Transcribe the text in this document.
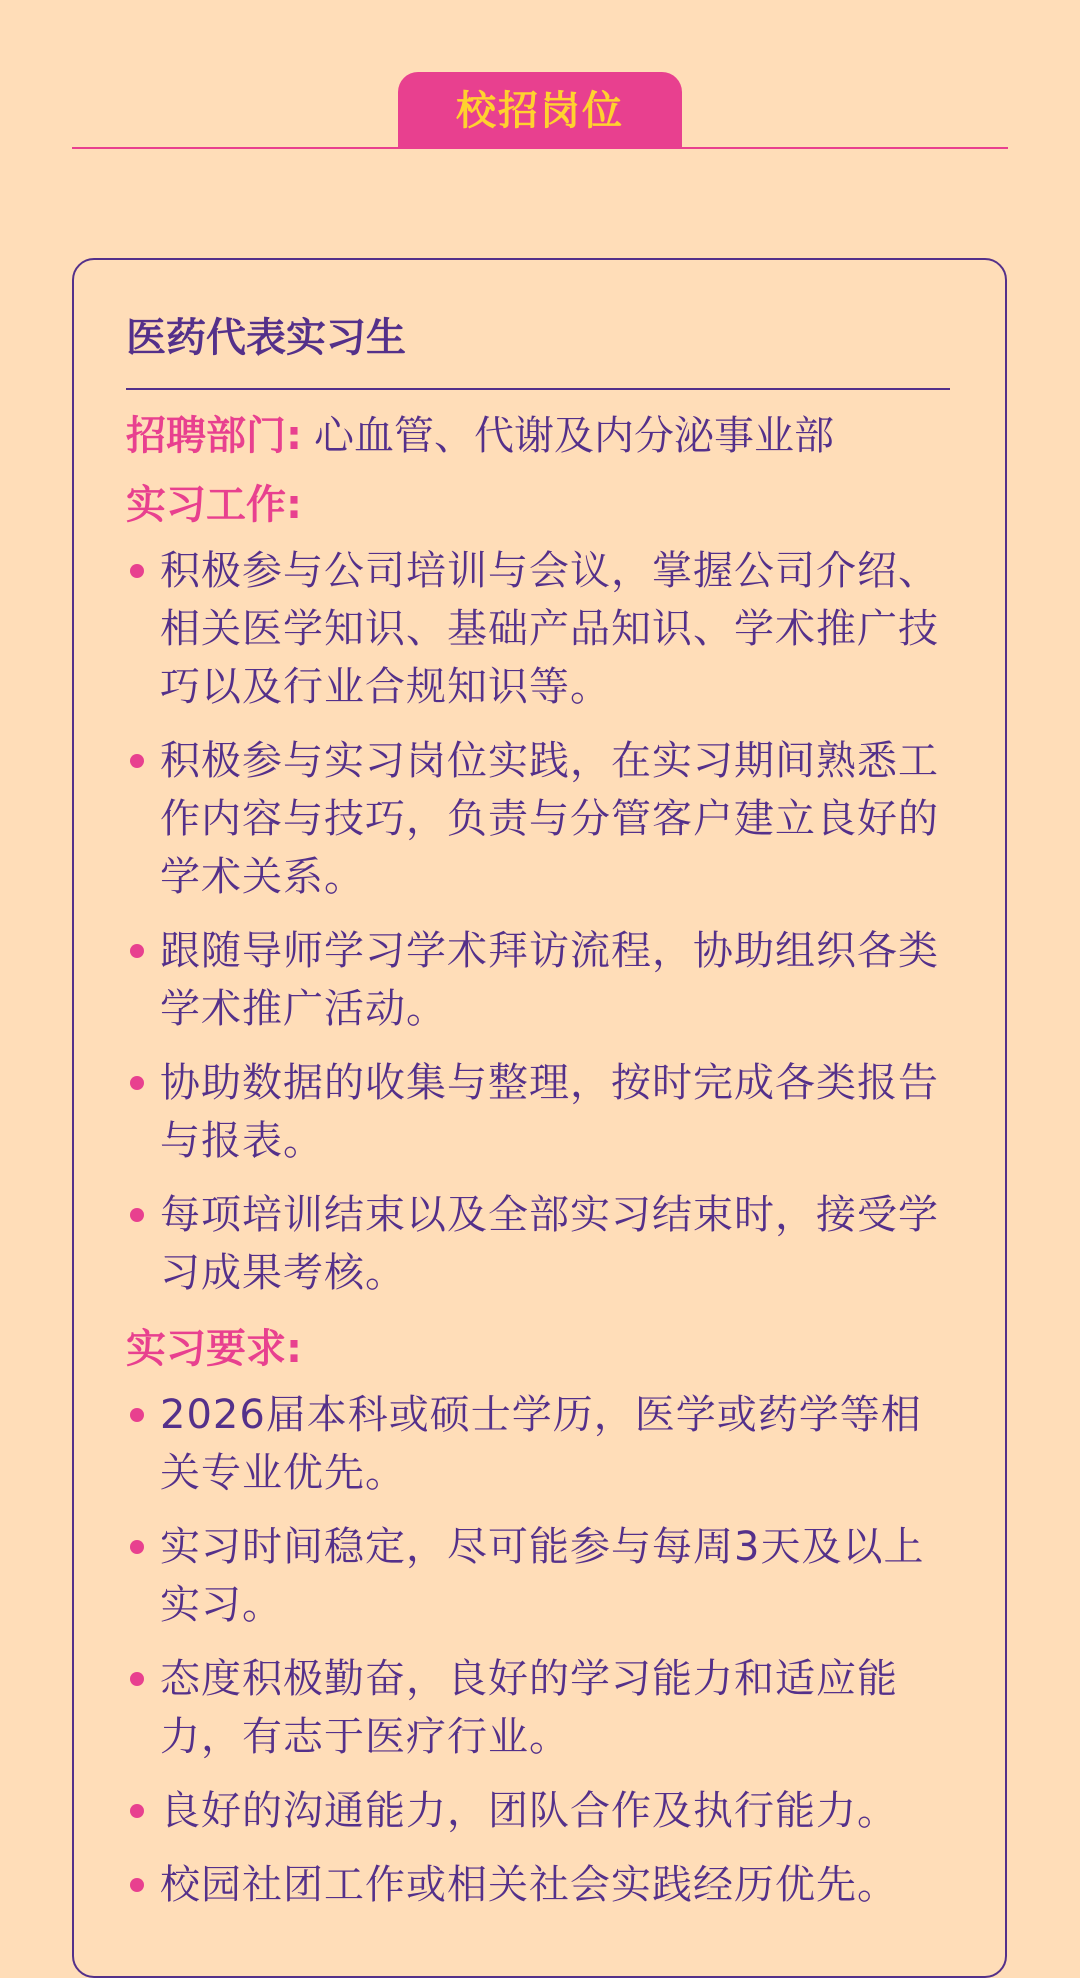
校招岗位
医药代表实习生
招聘部门: 心血管、代谢及内分泌事业部
实习工作:
积极参与公司培训与会议，掌握公司介绍、相关医学知识、基础产品知识、学术推广技巧以及行业合规知识等。
积极参与实习岗位实践，在实习期间熟悉工作内容与技巧，负责与分管客户建立良好的学术关系。
跟随导师学习学术拜访流程，协助组织各类学术推广活动。
协助数据的收集与整理，按时完成各类报告与报表。
每项培训结束以及全部实习结束时，接受学习成果考核。
实习要求:
2026届本科或硕士学历，医学或药学等相关专业优先。
实习时间稳定，尽可能参与每周3天及以上实习。
态度积极勤奋，良好的学习能力和适应能力，有志于医疗行业。
良好的沟通能力，团队合作及执行能力。
校园社团工作或相关社会实践经历优先。
